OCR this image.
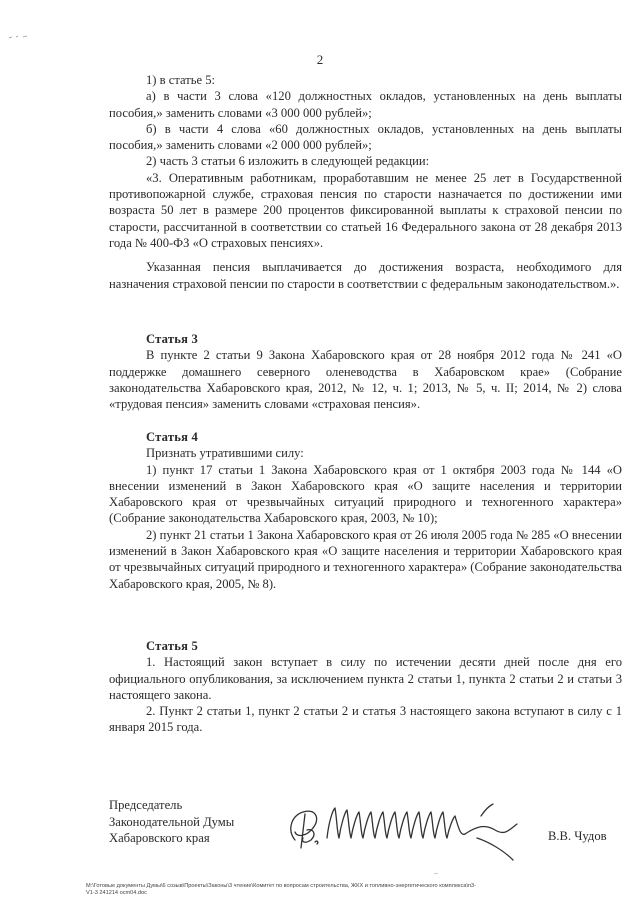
2

1) в статье 5:

а) в части 3 слова «120 должностных окладов, установленных на день выплаты пособия,» заменить словами «3 000 000 рублей»;

б) в части 4 слова «60 должностных окладов, установленных на день выплаты пособия,» заменить словами «2 000 000 рублей»;

2) часть 3 статьи 6 изложить в следующей редакции:

«3. Оперативным работникам, проработавшим не менее 25 лет в Государственной противопожарной службе, страховая пенсия по старости назначается по достижении ими возраста 50 лет в размере 200 процентов фиксированной выплаты к страховой пенсии по старости, рассчитанной в соответствии со статьей 16 Федерального закона от 28 декабря 2013 года № 400-ФЗ «О страховых пенсиях».

Указанная пенсия выплачивается до достижения возраста, необходимого для назначения страховой пенсии по старости в соответствии с федеральным законодательством.».

Статья 3

В пункте 2 статьи 9 Закона Хабаровского края от 28 ноября 2012 года № 241 «О поддержке домашнего северного оленеводства в Хабаровском крае» (Собрание законодательства Хабаровского края, 2012, № 12, ч. 1; 2013, № 5, ч. II; 2014, № 2) слова «трудовая пенсия» заменить словами «страховая пенсия».

Статья 4

Признать утратившими силу:

1) пункт 17 статьи 1 Закона Хабаровского края от 1 октября 2003 года № 144 «О внесении изменений в Закон Хабаровского края «О защите населения и территории Хабаровского края от чрезвычайных ситуаций природного и техногенного характера» (Собрание законодательства Хабаровского края, 2003, № 10);

2) пункт 21 статьи 1 Закона Хабаровского края от 26 июля 2005 года № 285 «О внесении изменений в Закон Хабаровского края «О защите населения и территории Хабаровского края от чрезвычайных ситуаций природного и техногенного характера» (Собрание законодательства Хабаровского края, 2005, № 8).

Статья 5

1. Настоящий закон вступает в силу по истечении десяти дней после дня его официального опубликования, за исключением пункта 2 статьи 1, пункта 2 статьи 2 и статьи 3 настоящего закона.

2. Пункт 2 статьи 1, пункт 2 статьи 2 и статья 3 настоящего закона вступают в силу с 1 января 2015 года.

Председатель
Законодательной Думы
Хабаровского края	В.В. Чудов
М:\Готовые документы Думы\6 созыв\Проекты\Законы\3 чтение\Комитет по вопросам строительства, ЖКХ и топливно-энергетического комплекса\п3-
V1-3 241214 ocm04.doc
